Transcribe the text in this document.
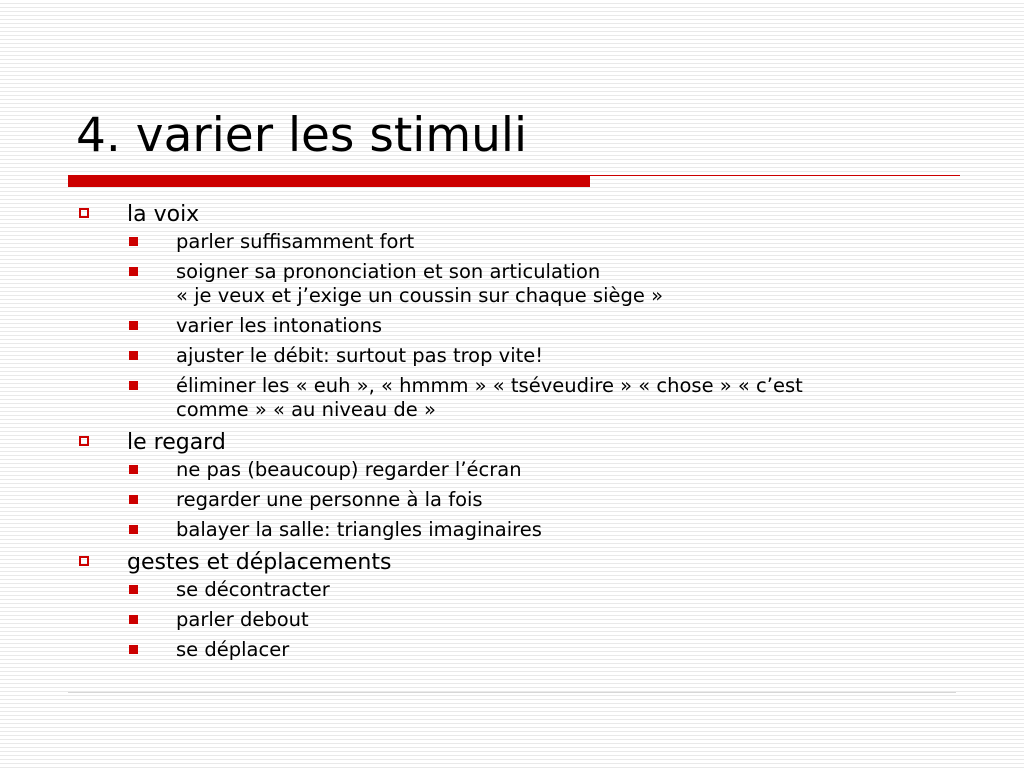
4. varier les stimuli
la voix
parler suffisamment fort
soigner sa prononciation et son articulation
« je veux et j’exige un coussin sur chaque siège »
varier les intonations
ajuster le débit: surtout pas trop vite!
éliminer les « euh », « hmmm » « tséveudire » « chose » « c’est
comme » « au niveau de »
le regard
ne pas (beaucoup) regarder l’écran
regarder une personne à la fois
balayer la salle: triangles imaginaires
gestes et déplacements
se décontracter
parler debout
se déplacer
